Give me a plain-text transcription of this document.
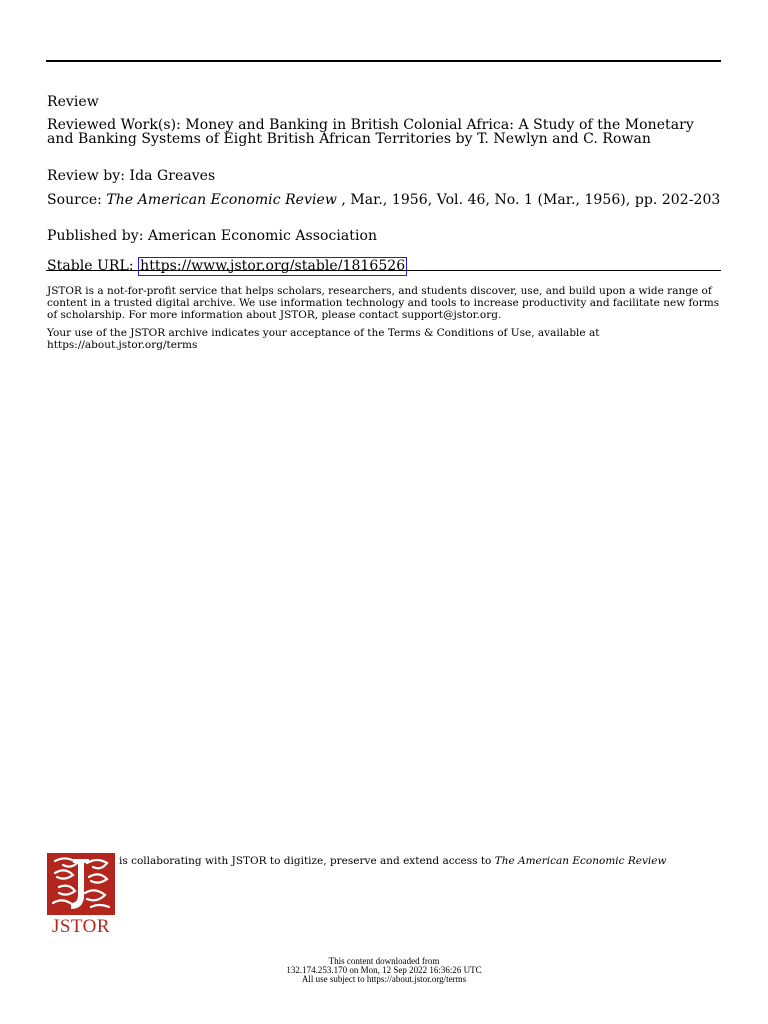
Review

Reviewed Work(s): Money and Banking in British Colonial Africa: A Study of the Monetary and Banking Systems of Eight British African Territories by T. Newlyn and C. Rowan

Review by: Ida Greaves

Source: The American Economic Review , Mar., 1956, Vol. 46, No. 1 (Mar., 1956), pp. 202-203

Published by: American Economic Association

Stable URL: https://www.jstor.org/stable/1816526

JSTOR is a not-for-profit service that helps scholars, researchers, and students discover, use, and build upon a wide range of content in a trusted digital archive. We use information technology and tools to increase productivity and facilitate new forms of scholarship. For more information about JSTOR, please contact support@jstor.org.

Your use of the JSTOR archive indicates your acceptance of the Terms & Conditions of Use, available at https://about.jstor.org/terms

JSTOR

is collaborating with JSTOR to digitize, preserve and extend access to The American Economic Review

This content downloaded from
132.174.253.170 on Mon, 12 Sep 2022 16:36:26 UTC
All use subject to https://about.jstor.org/terms
